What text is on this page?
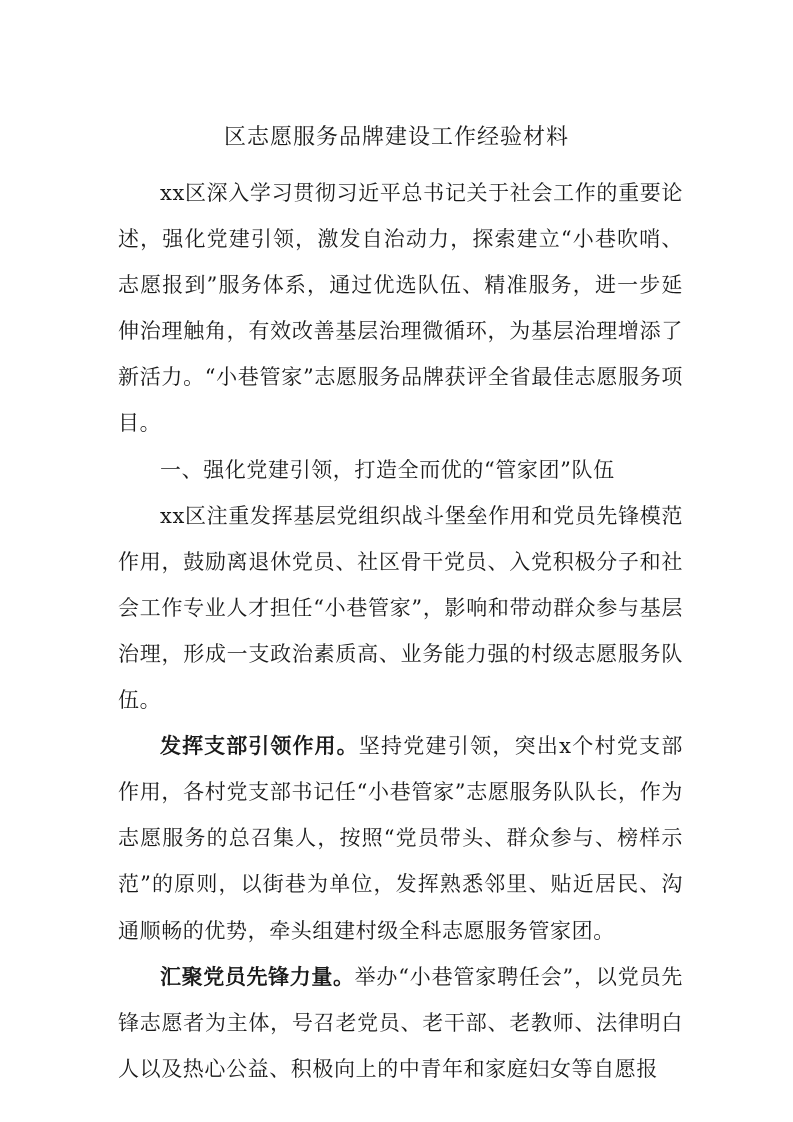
区志愿服务品牌建设工作经验材料

xx区深入学习贯彻习近平总书记关于社会工作的重要论述，强化党建引领，激发自治动力，探索建立“小巷吹哨、志愿报到”服务体系，通过优选队伍、精准服务，进一步延伸治理触角，有效改善基层治理微循环，为基层治理增添了新活力。“小巷管家”志愿服务品牌获评全省最佳志愿服务项目。

一、强化党建引领，打造全而优的“管家团”队伍

xx区注重发挥基层党组织战斗堡垒作用和党员先锋模范作用，鼓励离退休党员、社区骨干党员、入党积极分子和社会工作专业人才担任“小巷管家”，影响和带动群众参与基层治理，形成一支政治素质高、业务能力强的村级志愿服务队伍。

发挥支部引领作用。坚持党建引领，突出x个村党支部作用，各村党支部书记任“小巷管家”志愿服务队队长，作为志愿服务的总召集人，按照“党员带头、群众参与、榜样示范”的原则，以街巷为单位，发挥熟悉邻里、贴近居民、沟通顺畅的优势，牵头组建村级全科志愿服务管家团。

汇聚党员先锋力量。举办“小巷管家聘任会”，以党员先锋志愿者为主体，号召老党员、老干部、老教师、法律明白人以及热心公益、积极向上的中青年和家庭妇女等自愿报
